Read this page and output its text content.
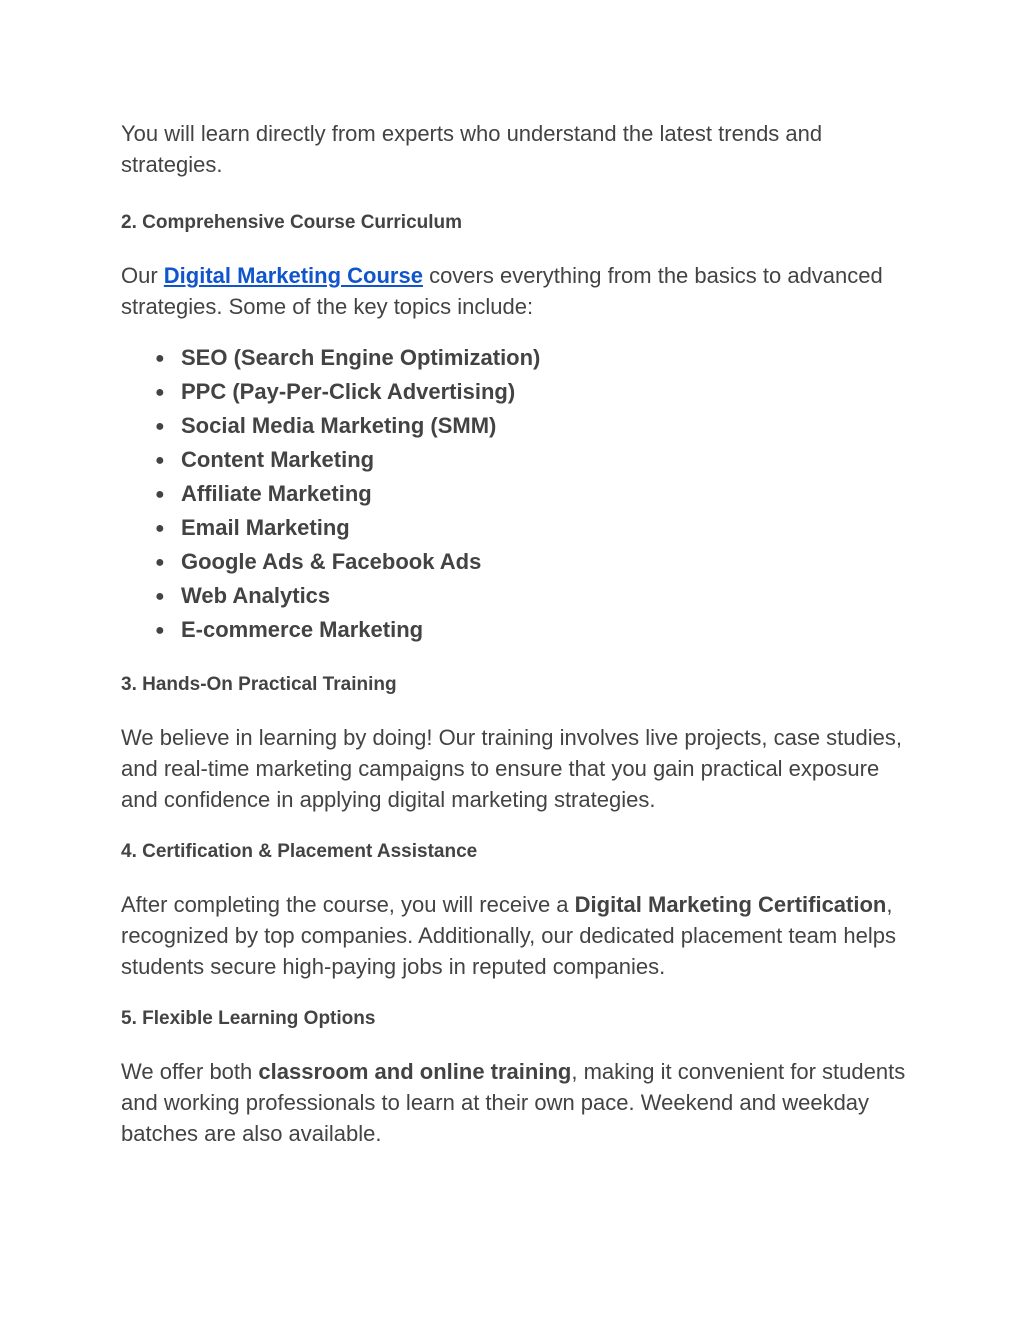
You will learn directly from experts who understand the latest trends and strategies.

2. Comprehensive Course Curriculum

Our Digital Marketing Course covers everything from the basics to advanced strategies. Some of the key topics include:

● SEO (Search Engine Optimization)
● PPC (Pay-Per-Click Advertising)
● Social Media Marketing (SMM)
● Content Marketing
● Affiliate Marketing
● Email Marketing
● Google Ads & Facebook Ads
● Web Analytics
● E-commerce Marketing
3. Hands-On Practical Training

We believe in learning by doing! Our training involves live projects, case studies, and real-time marketing campaigns to ensure that you gain practical exposure and confidence in applying digital marketing strategies.

4. Certification & Placement Assistance

After completing the course, you will receive a Digital Marketing Certification, recognized by top companies. Additionally, our dedicated placement team helps students secure high-paying jobs in reputed companies.

5. Flexible Learning Options

We offer both classroom and online training, making it convenient for students and working professionals to learn at their own pace. Weekend and weekday batches are also available.
